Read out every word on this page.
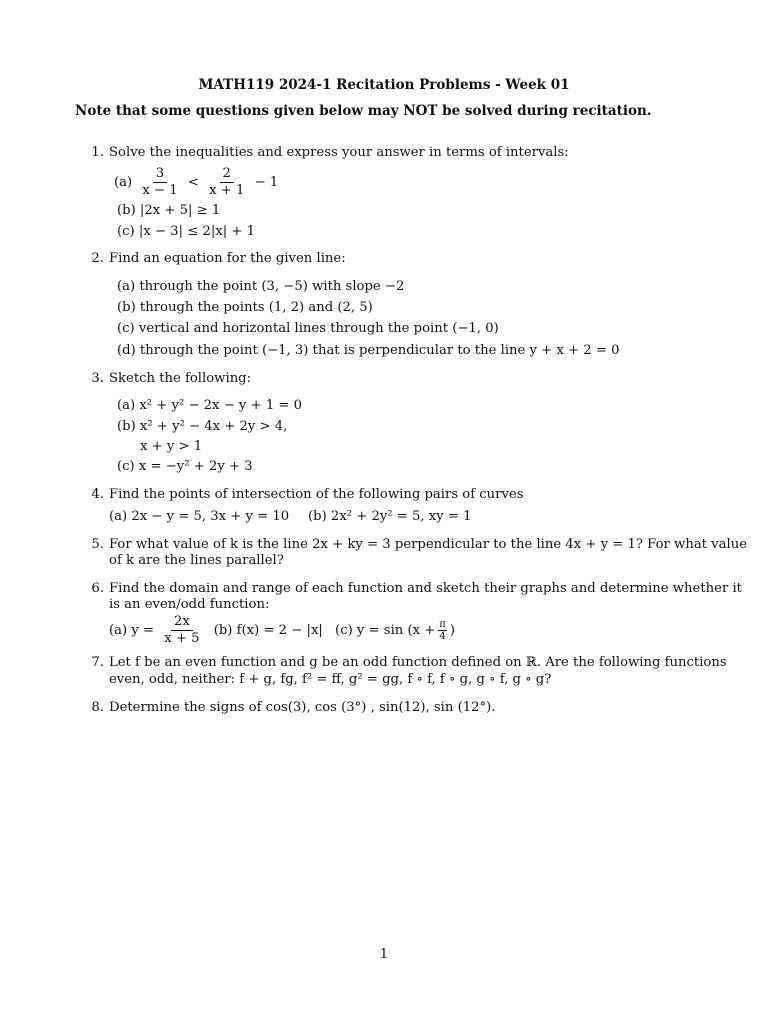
MATH119 2024-1 Recitation Problems - Week 01
Note that some questions given below may NOT be solved during recitation.
1. Solve the inequalities and express your answer in terms of intervals:
$(a) \frac{3}{x - 1} < \frac{2}{x + 1} - 1$
(b) |2x + 5| ≥ 1
(c) |x − 3| ≤ 2|x| + 1
2. Find an equation for the given line:
(a) through the point (3, −5) with slope −2
(b) through the points (1, 2) and (2, 5)
(c) vertical and horizontal lines through the point (−1, 0)
(d) through the point (−1, 3) that is perpendicular to the line y + x + 2 = 0
3. Sketch the following:
(a) x² + y² − 2x − y + 1 = 0
(b) x² + y² − 4x + 2y > 4,
x + y > 1
(c) x = −y² + 2y + 3
4. Find the points of intersection of the following pairs of curves
(a) 2x − y = 5, 3x + y = 10 (b) 2x² + 2y² = 5, xy = 1
5. For what value of k is the line 2x + ky = 3 perpendicular to the line 4x + y = 1? For what value
of k are the lines parallel?
6. Find the domain and range of each function and sketch their graphs and determine whether it
is an even/odd function:
(a) $y = \frac{2x}{x + 5} (b) f(x) = 2 - |x|$ (c) $y = \sin (x + \frac{\pi}{4}$ )
7. Let f be an even function and g be an odd function defined on ℝ. Are the following functions
even, odd, neither: f + g, fg, f² = ff, g² = gg, f ∘ f, f ∘ g, g ∘ f, g ∘ g?
8. Determine the signs of cos(3), cos (3°) , sin(12), sin (12°).
1
